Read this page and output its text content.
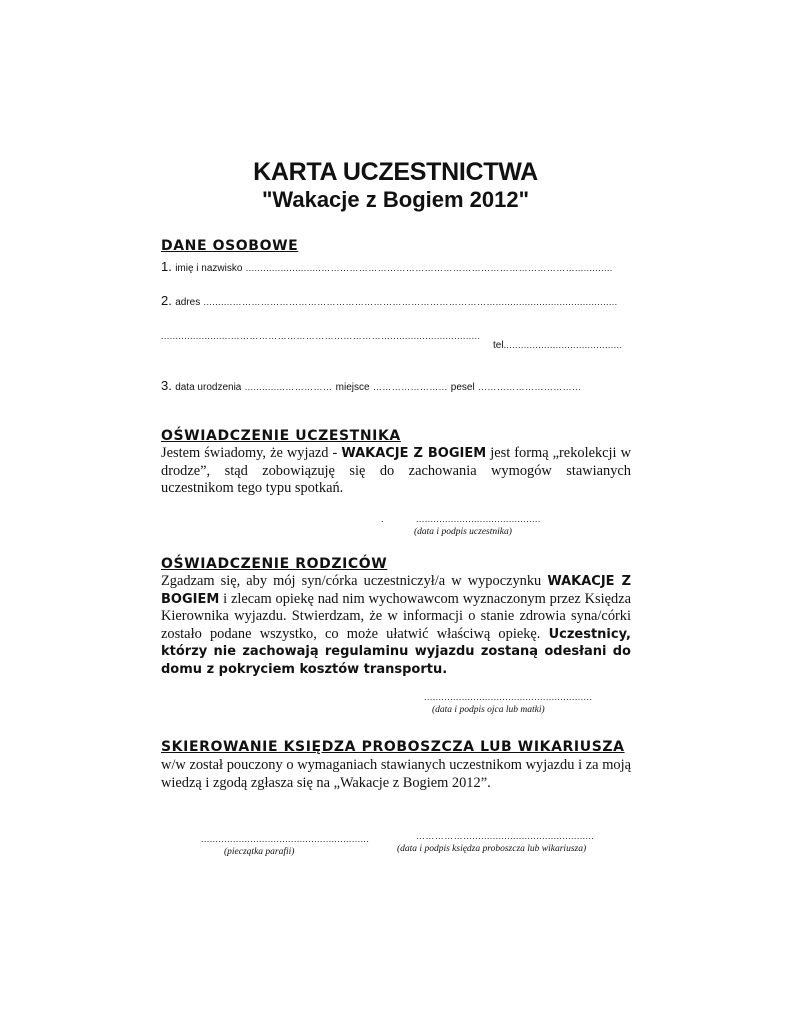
KARTA UCZESTNICTWA
"Wakacje z Bogiem 2012"
DANE OSOBOWE
1. imię i nazwisko ..........................……………………………………………………………………….............
2. adres ..........…………………………………………………………………………..........................................
........................……………………………………………...............................
tel.........................................
3. data urodzenia ..............…………… miejsce …………………... pesel ……………………………
OŚWIADCZENIE UCZESTNIKA
Jestem świadomy, że wyjazd - WAKACJE Z BOGIEM jest formą „rekolekcji w drodze”, stąd zobowiązuję się do zachowania wymogów stawianych uczestnikom tego typu spotkań.
.	...........................................
(data i podpis uczestnika)
OŚWIADCZENIE RODZICÓW
Zgadzam się, aby mój syn/córka uczestniczył/a w wypoczynku WAKACJE Z BOGIEM i zlecam opiekę nad nim wychowawcom wyznaczonym przez Księdza Kierownika wyjazdu. Stwierdzam, że w informacji o stanie zdrowia syna/córki zostało podane wszystko, co może ułatwić właściwą opiekę. Uczestnicy, którzy nie zachowają regulaminu wyjazdu zostaną odesłani do domu z pokryciem kosztów transportu.
..........................................................
(data i podpis ojca lub matki)
SKIEROWANIE KSIĘDZA PROBOSZCZA LUB WIKARIUSZA
w/w został pouczony o wymaganiach stawianych uczestnikom wyjazdu i za moją wiedzą i zgodą zgłasza się na „Wakacje z Bogiem 2012”.
..........................................................
(pieczątka parafii)
………………..........................................
(data i podpis księdza proboszcza lub wikariusza)
